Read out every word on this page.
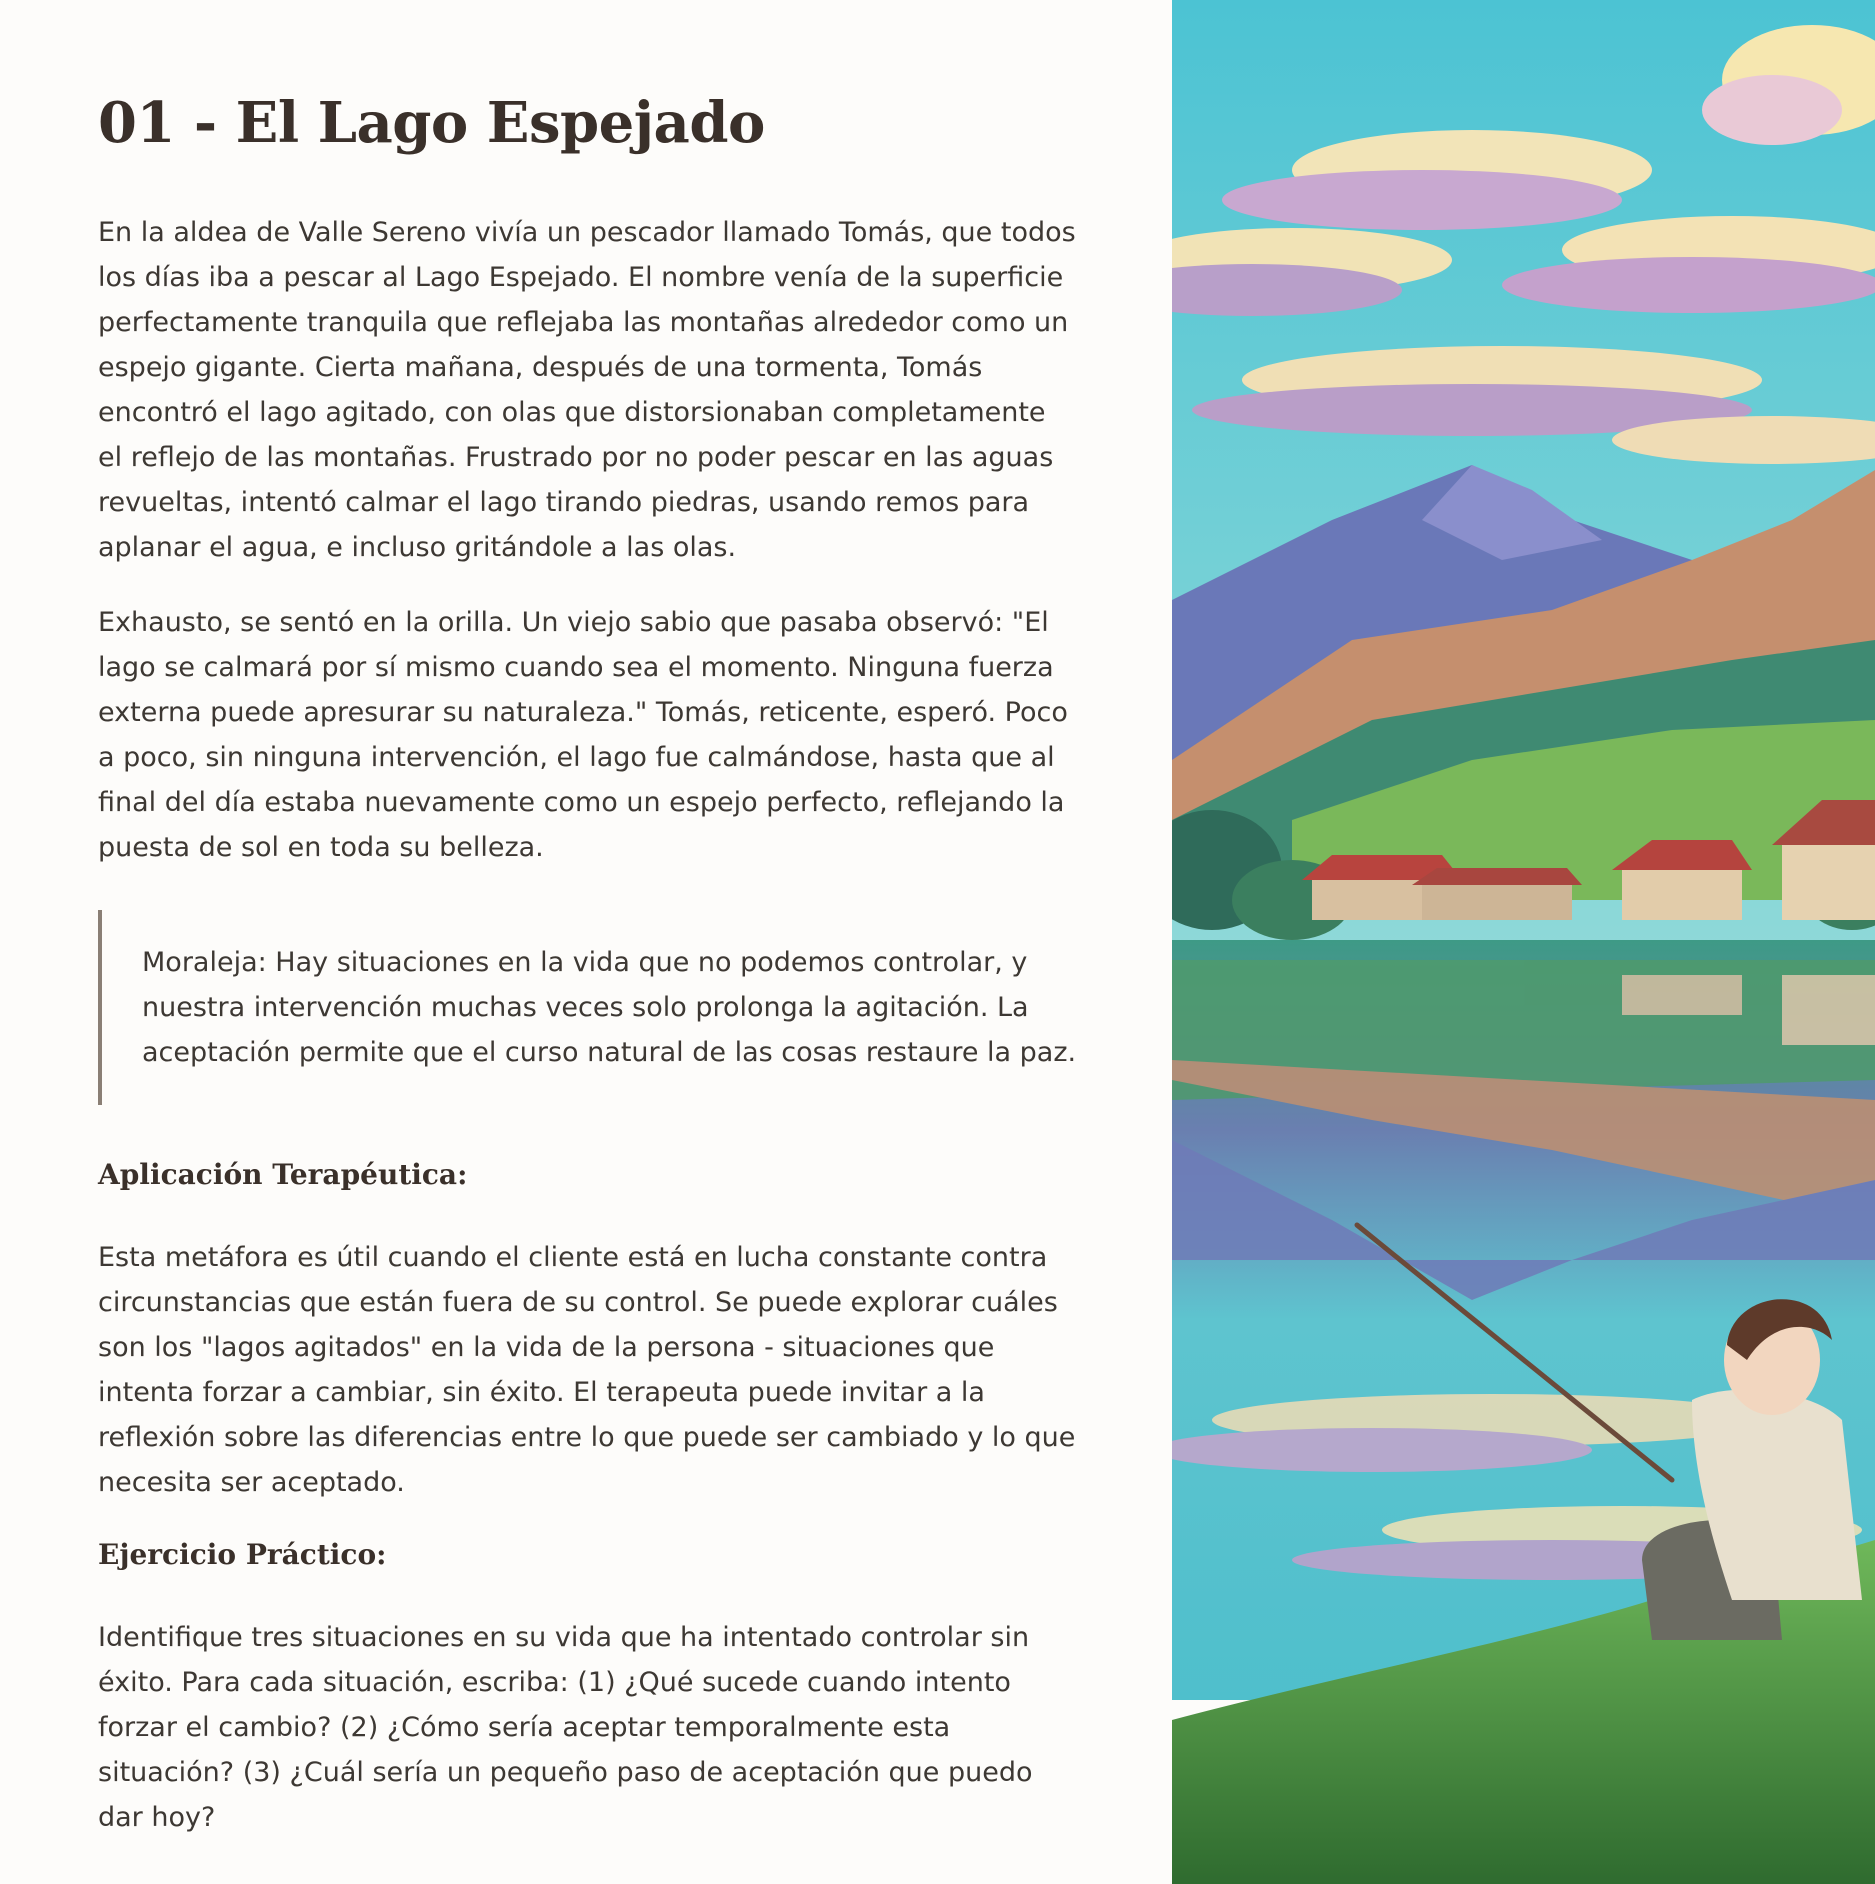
01 - El Lago Espejado

En la aldea de Valle Sereno vivía un pescador llamado Tomás, que todos los días iba a pescar al Lago Espejado. El nombre venía de la superficie perfectamente tranquila que reflejaba las montañas alrededor como un espejo gigante. Cierta mañana, después de una tormenta, Tomás encontró el lago agitado, con olas que distorsionaban completamente el reflejo de las montañas. Frustrado por no poder pescar en las aguas revueltas, intentó calmar el lago tirando piedras, usando remos para aplanar el agua, e incluso gritándole a las olas.

Exhausto, se sentó en la orilla. Un viejo sabio que pasaba observó: "El lago se calmará por sí mismo cuando sea el momento. Ninguna fuerza externa puede apresurar su naturaleza." Tomás, reticente, esperó. Poco a poco, sin ninguna intervención, el lago fue calmándose, hasta que al final del día estaba nuevamente como un espejo perfecto, reflejando la puesta de sol en toda su belleza.

Moraleja: Hay situaciones en la vida que no podemos controlar, y nuestra intervención muchas veces solo prolonga la agitación. La aceptación permite que el curso natural de las cosas restaure la paz.

Aplicación Terapéutica:

Esta metáfora es útil cuando el cliente está en lucha constante contra circunstancias que están fuera de su control. Se puede explorar cuáles son los "lagos agitados" en la vida de la persona - situaciones que intenta forzar a cambiar, sin éxito. El terapeuta puede invitar a la reflexión sobre las diferencias entre lo que puede ser cambiado y lo que necesita ser aceptado.

Ejercicio Práctico:

Identifique tres situaciones en su vida que ha intentado controlar sin éxito. Para cada situación, escriba: (1) ¿Qué sucede cuando intento forzar el cambio? (2) ¿Cómo sería aceptar temporalmente esta situación? (3) ¿Cuál sería un pequeño paso de aceptación que puedo dar hoy?
